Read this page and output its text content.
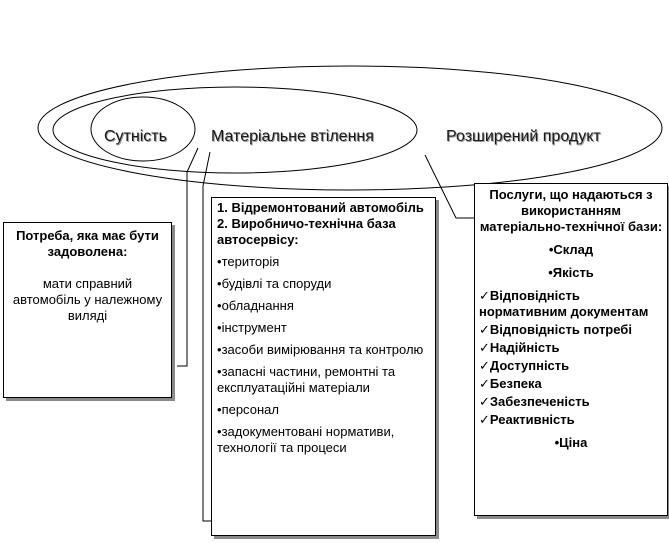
Сутність	Матеріальне втілення	Розширений продукт
Потреба, яка має бути задоволена:
мати справний автомобіль у належному виляді
1. Відремонтований автомобіль
2. Виробничо-технічна база автосервісу:
• територія
• будівлі та споруди
• обладнання
• інструмент
• засоби вимірювання та контролю
• запасні частини, ремонтні та експлуатаційні матеріали
• персонал
• задокументовані нормативи, технології та процеси
Послуги, що надаються з використанням матеріально-технічної бази:
• Склад
• Якість
✓ Відповідність нормативним документам
✓ Відповідність потребі
✓ Надійність
✓ Доступність
✓ Безпека
✓ Забезпеченість
✓ Реактивність
• Ціна
